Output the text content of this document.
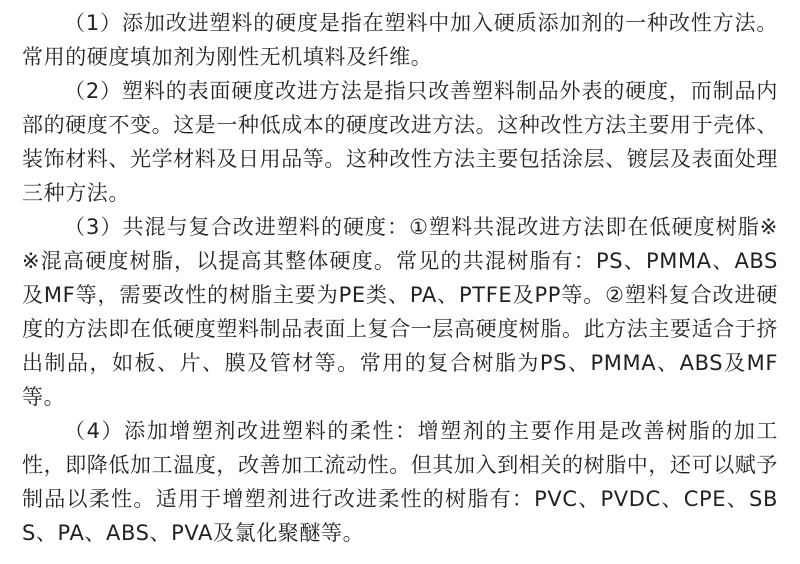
（1）添加改进塑料的硬度是指在塑料中加入硬质添加剂的一种改性方法。常用的硬度填加剂为刚性无机填料及纤维。

（2）塑料的表面硬度改进方法是指只改善塑料制品外表的硬度，而制品内部的硬度不变。这是一种低成本的硬度改进方法。这种改性方法主要用于壳体、装饰材料、光学材料及日用品等。这种改性方法主要包括涂层、镀层及表面处理三种方法。

（3）共混与复合改进塑料的硬度：①塑料共混改进方法即在低硬度树脂※※混高硬度树脂，以提高其整体硬度。常见的共混树脂有：PS、PMMA、ABS及MF等，需要改性的树脂主要为PE类、PA、PTFE及PP等。②塑料复合改进硬度的方法即在低硬度塑料制品表面上复合一层高硬度树脂。此方法主要适合于挤出制品，如板、片、膜及管材等。常用的复合树脂为PS、PMMA、ABS及MF等。

（4）添加增塑剂改进塑料的柔性：增塑剂的主要作用是改善树脂的加工性，即降低加工温度，改善加工流动性。但其加入到相关的树脂中，还可以赋予制品以柔性。适用于增塑剂进行改进柔性的树脂有：PVC、PVDC、CPE、SBS、PA、ABS、PVA及氯化聚醚等。
